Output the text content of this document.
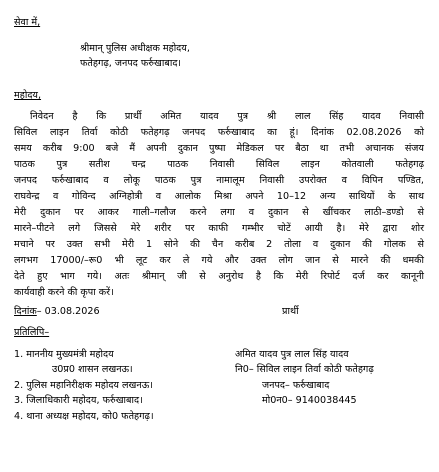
सेवा में,
श्रीमान् पुलिस अधीक्षक महोदय,
फतेहगढ़, जनपद फर्रुखाबाद।
महोदय,
निवेदन है कि प्रार्थी अमित यादव पुत्र श्री लाल सिंह यादव निवासी
सिविल लाइन तिर्वा कोठी फतेहगढ़ जनपद फर्रुखाबाद का हूं। दिनांक 02.08.2026 को
समय करीब 9:00 बजे मैं अपनी दुकान पुष्पा मेडिकल पर बैठा था तभी अचानक संजय
पाठक पुत्र सतीश चन्द्र पाठक निवासी सिविल लाइन कोतवाली फतेहगढ़
जनपद फर्रुखाबाद व लोकू पाठक पुत्र नामालूम निवासी उपरोक्त व विपिन पण्डित,
राघवेन्द्र व गोविन्द अग्निहोत्री व आलोक मिश्रा अपने 10–12 अन्य साथियों के साथ
मेरी दुकान पर आकर गाली–गलौज करने लगा व दुकान से खींचकर लाठी–डण्डो से
मारने–पीटने लगे जिससे मेरे शरीर पर काफी गम्भीर चोटें आयी है। मेरे द्वारा शोर
मचाने पर उक्त सभी मेरी 1 सोने की चैन करीब 2 तोला व दुकान की गोलक से
लगभग 17000/–रू0 भी लूट कर ले गये और उक्त लोग जान से मारने की धमकी
देते हुए भाग गये। अतः श्रीमान् जी से अनुरोध है कि मेरी रिपोर्ट दर्ज कर कानूनी
कार्यवाही करने की कृपा करें।
दिनांक– 03.08.2026	प्रार्थी
प्रतिलिपि–
1. माननीय मुख्यमंत्री महोदय
उ0प्र0 शासन लखनऊ।
2. पुलिस महानिरीक्षक महोदय लखनऊ।
3. जिलाधिकारी महोदय, फर्रुखाबाद।
4. थाना अध्यक्ष महोदय, को0 फतेहगढ़।
अमित यादव पुत्र लाल सिंह यादव
नि0– सिविल लाइन तिर्वा कोठी फतेहगढ़
जनपद– फर्रुखाबाद
मो0न0– 9140038445
